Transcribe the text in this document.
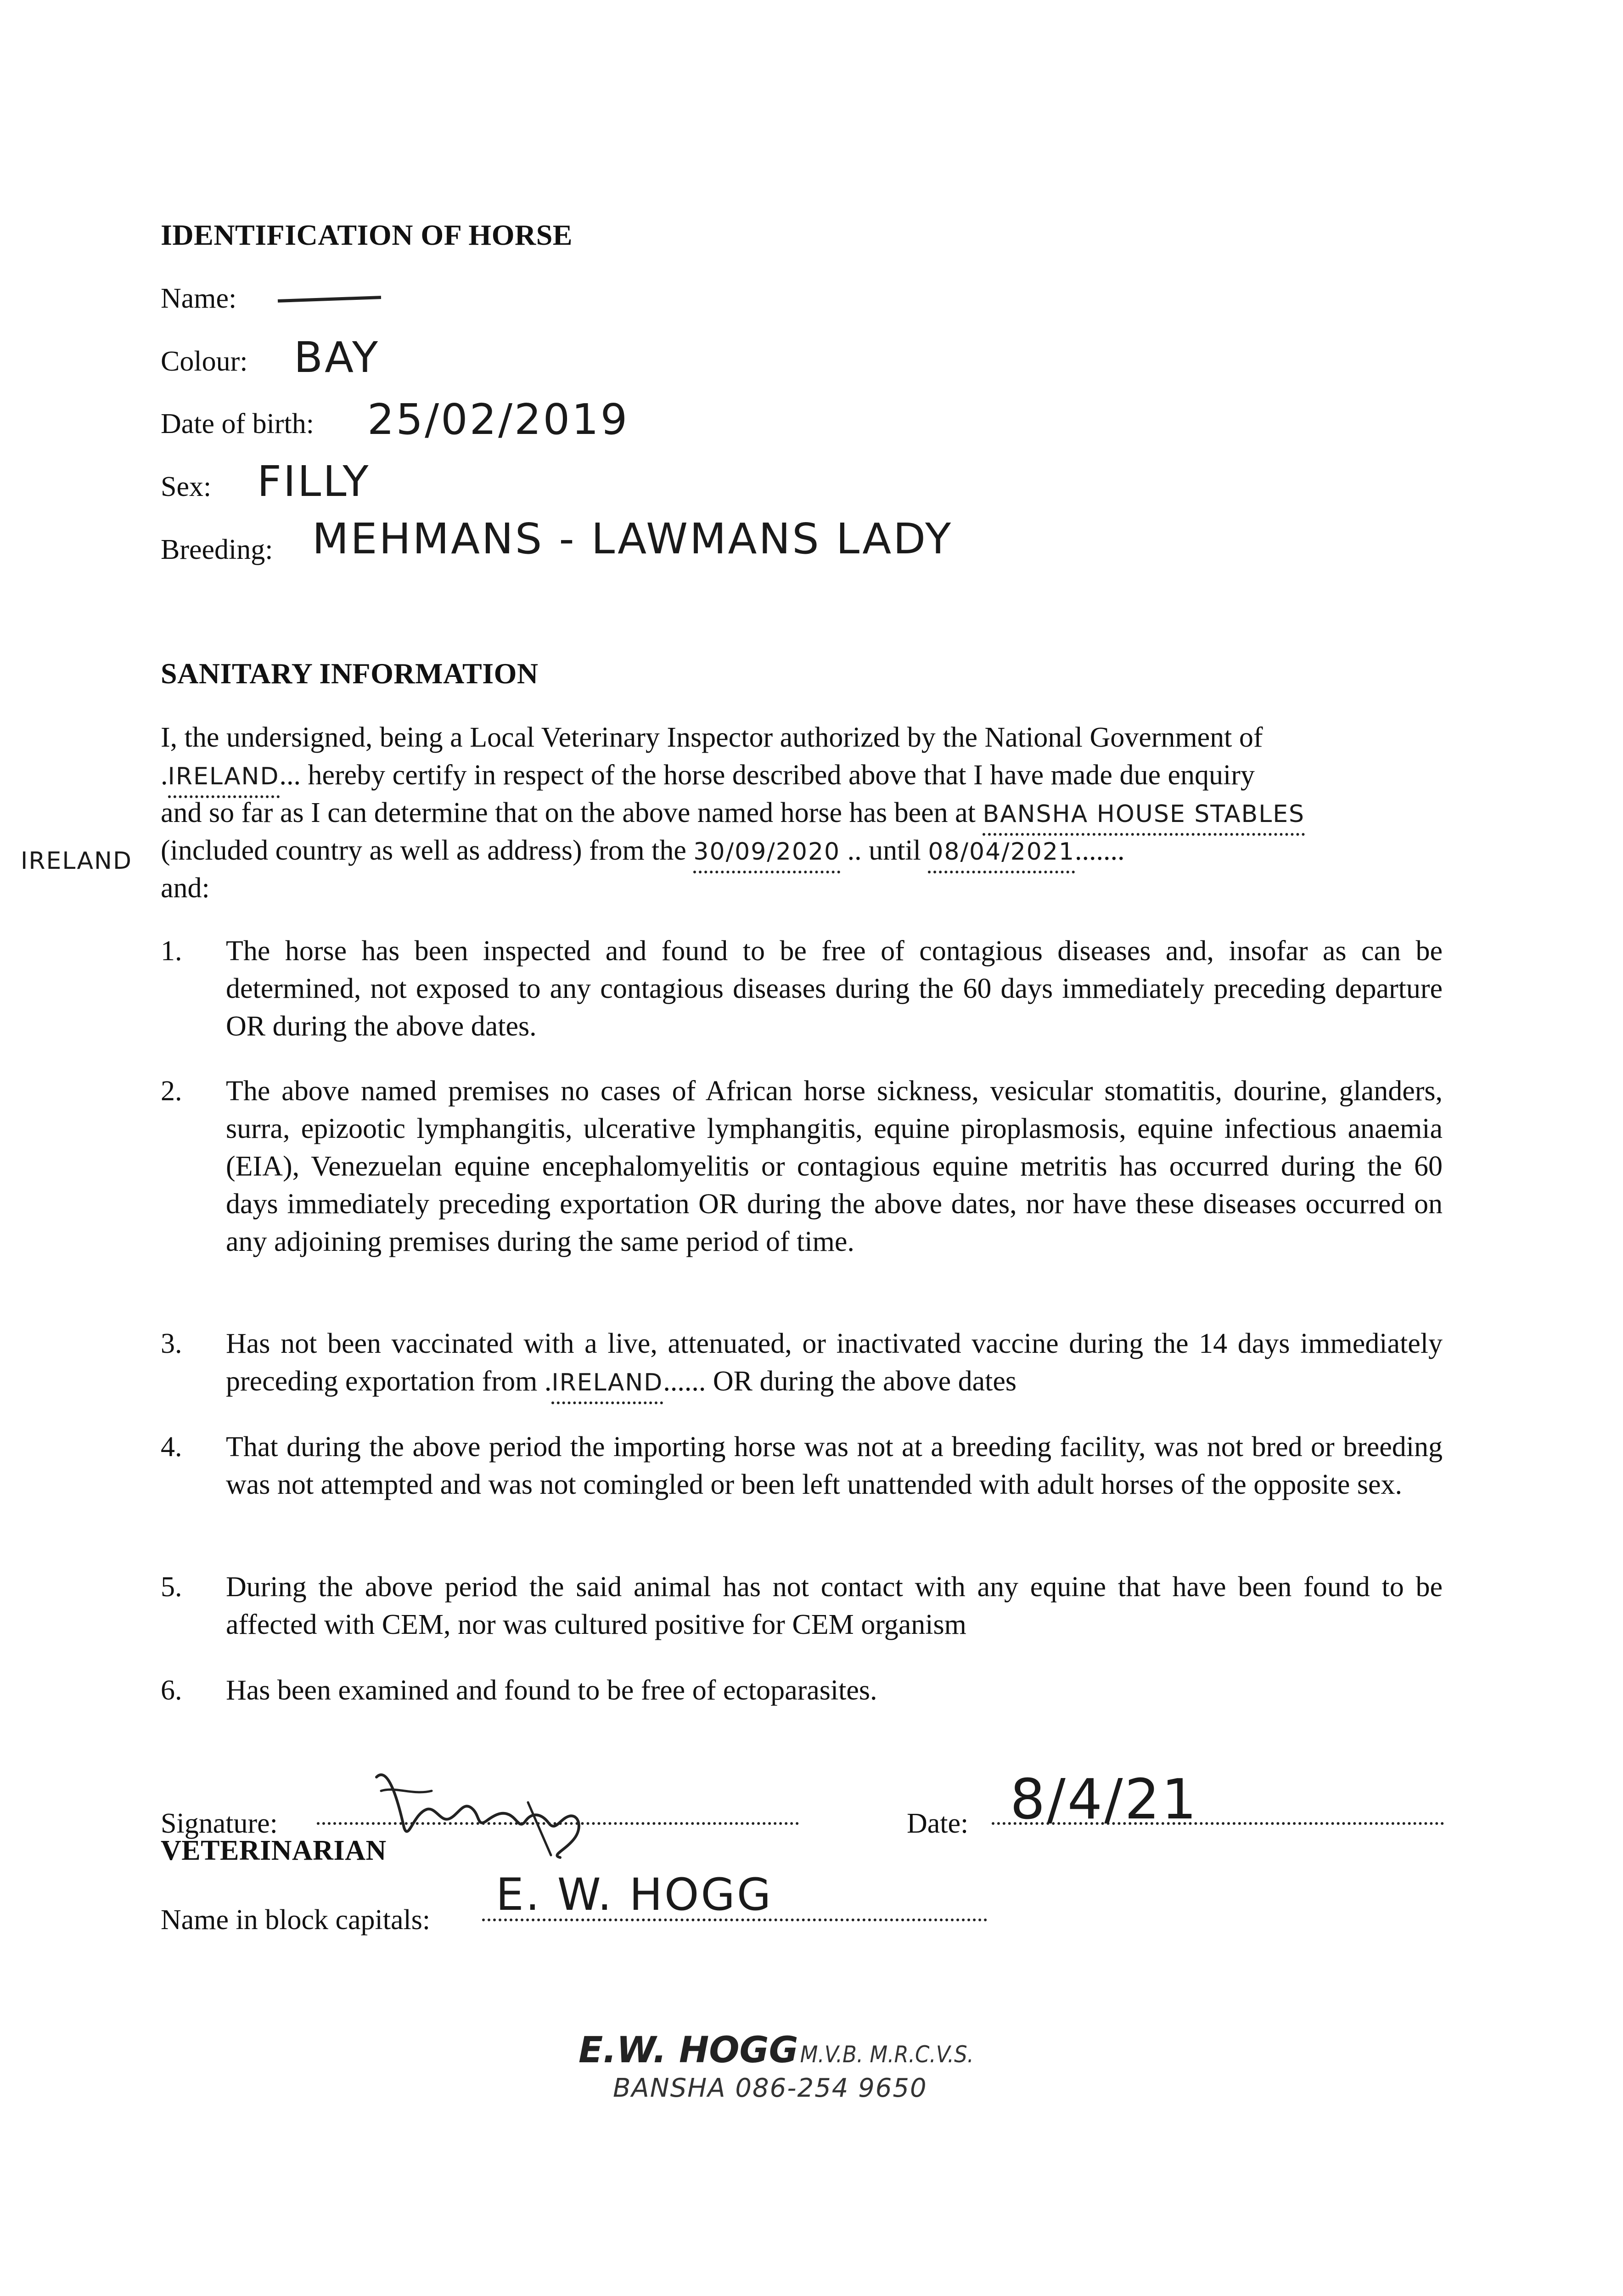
IDENTIFICATION OF HORSE
Name:
Colour: BAY
Date of birth: 25/02/2019
Sex: FILLY
Breeding: MEHMANS - LAWMANS LADY
SANITARY INFORMATION
I, the undersigned, being a Local Veterinary Inspector authorized by the National Government of
.IRELAND... hereby certify in respect of the horse described above that I have made due enquiry
and so far as I can determine that on the above named horse has been at BANSHA HOUSE STABLES
IRELAND (included country as well as address) from the 30/09/2020 .. until 08/04/2021.......
and:
1. The horse has been inspected and found to be free of contagious diseases and, insofar as can be determined, not exposed to any contagious diseases during the 60 days immediately preceding departure OR during the above dates.
2. The above named premises no cases of African horse sickness, vesicular stomatitis, dourine, glanders, surra, epizootic lymphangitis, ulcerative lymphangitis, equine piroplasmosis, equine infectious anaemia (EIA), Venezuelan equine encephalomyelitis or contagious equine metritis has occurred during the 60 days immediately preceding exportation OR during the above dates, nor have these diseases occurred on any adjoining premises during the same period of time.
3. Has not been vaccinated with a live, attenuated, or inactivated vaccine during the 14 days immediately preceding exportation from .IRELAND...... OR during the above dates
4. That during the above period the importing horse was not at a breeding facility, was not bred or breeding was not attempted and was not comingled or been left unattended with adult horses of the opposite sex.
5. During the above period the said animal has not contact with any equine that have been found to be affected with CEM, nor was cultured positive for CEM organism
6. Has been examined and found to be free of ectoparasites.
Signature:	Date: 8/4/21
VETERINARIAN
Name in block capitals: E. W. HOGG
E.W. HOGG M.V.B. M.R.C.V.S.
BANSHA 086-254 9650
